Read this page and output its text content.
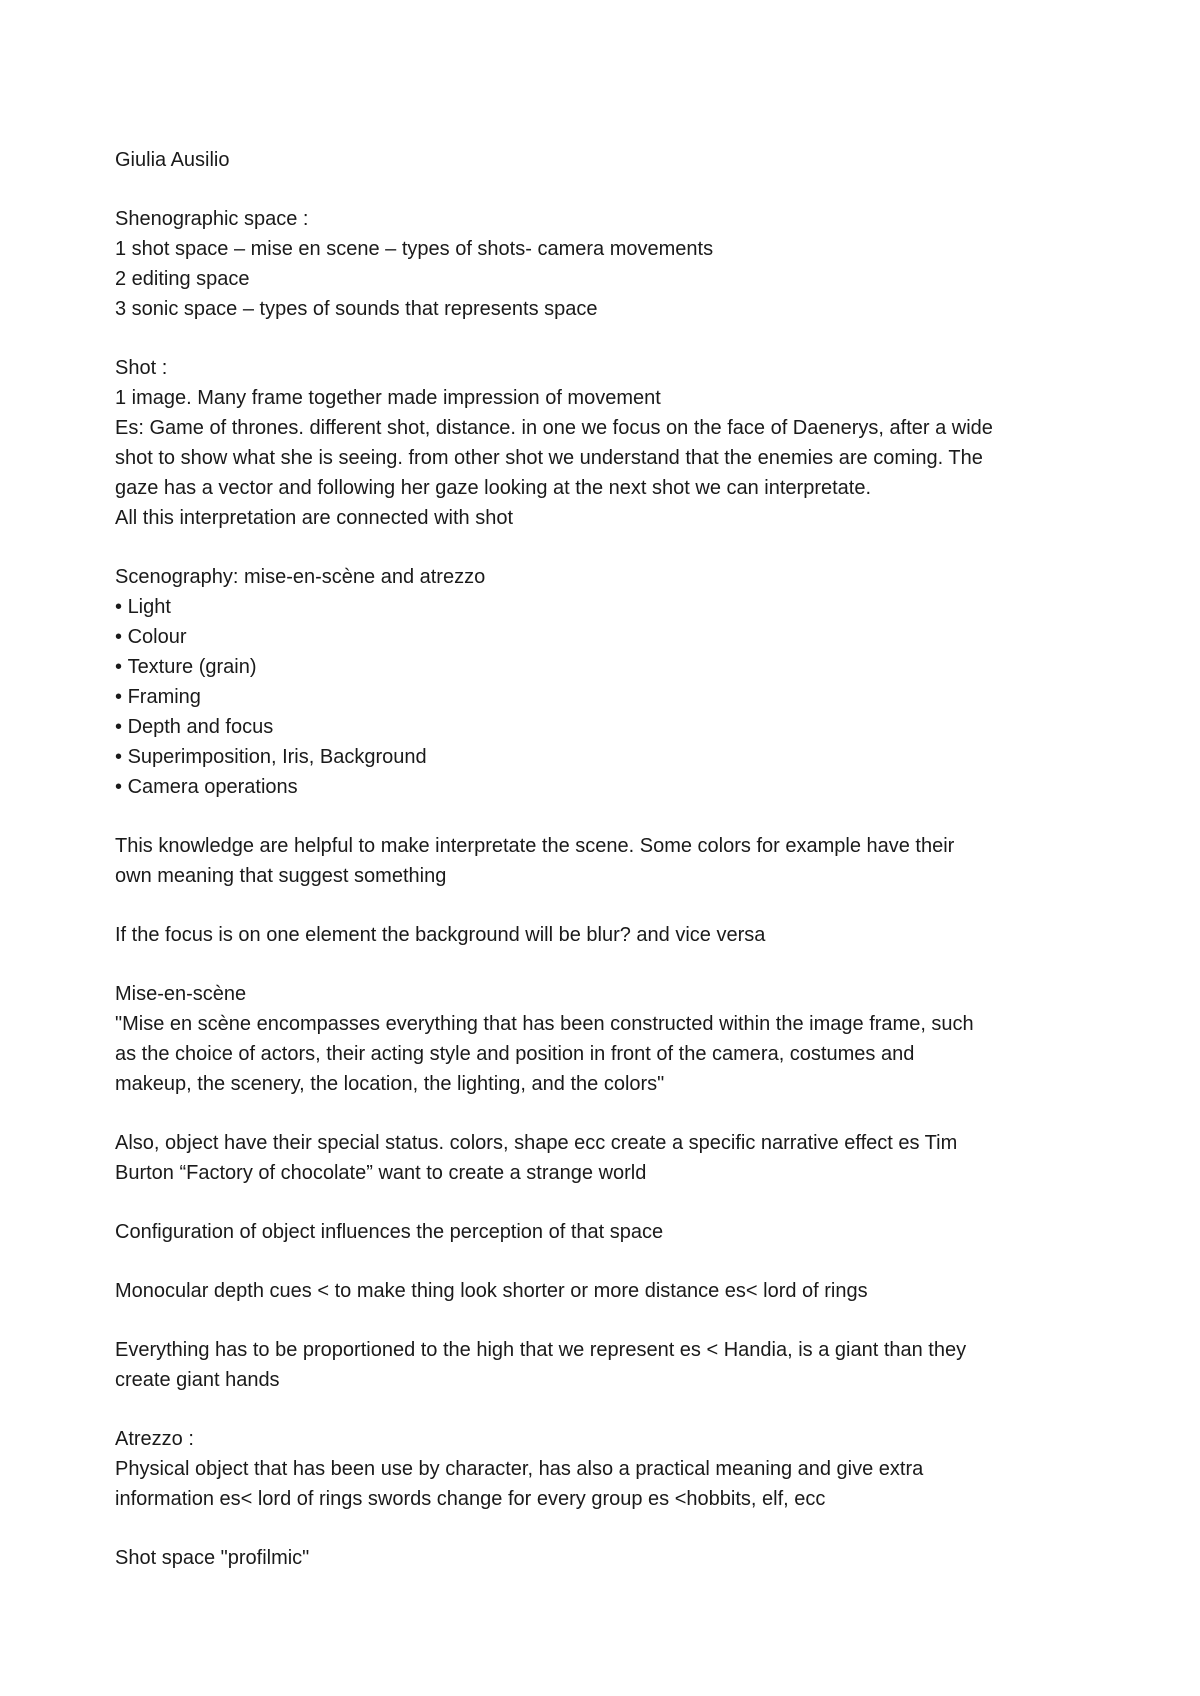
Giulia Ausilio
Shenographic space :
1 shot space – mise en scene – types of shots- camera movements
2 editing space
3 sonic space – types of sounds that represents space
Shot :
1 image. Many frame together made impression of movement
Es: Game of thrones. different shot, distance. in one we focus on the face of Daenerys, after a wide
shot to show what she is seeing. from other shot we understand that the enemies are coming. The
gaze has a vector and following her gaze looking at the next shot we can interpretate.
All this interpretation are connected with shot
Scenography: mise-en-scène and atrezzo
• Light
• Colour
• Texture (grain)
• Framing
• Depth and focus
• Superimposition, Iris, Background
• Camera operations
This knowledge are helpful to make interpretate the scene. Some colors for example have their
own meaning that suggest something
If the focus is on one element the background will be blur? and vice versa
Mise-en-scène
"Mise en scène encompasses everything that has been constructed within the image frame, such
as the choice of actors, their acting style and position in front of the camera, costumes and
makeup, the scenery, the location, the lighting, and the colors"
Also, object have their special status. colors, shape ecc create a specific narrative effect es Tim
Burton “Factory of chocolate” want to create a strange world
Configuration of object influences the perception of that space
Monocular depth cues < to make thing look shorter or more distance es< lord of rings
Everything has to be proportioned to the high that we represent es < Handia, is a giant than they
create giant hands
Atrezzo :
Physical object that has been use by character, has also a practical meaning and give extra
information es< lord of rings swords change for every group es <hobbits, elf, ecc
Shot space "profilmic"
